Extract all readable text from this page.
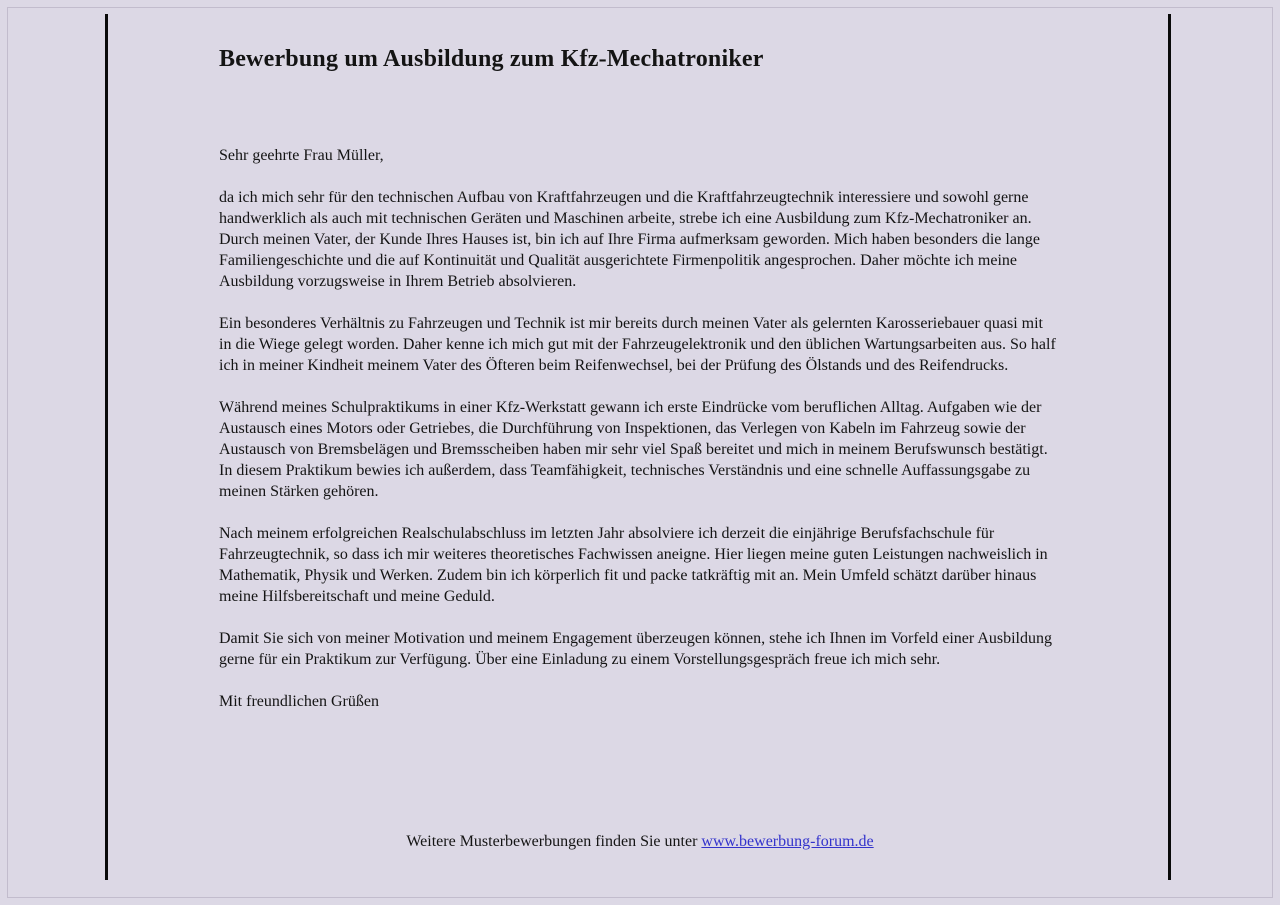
Bewerbung um Ausbildung zum Kfz-Mechatroniker

Sehr geehrte Frau Müller,

da ich mich sehr für den technischen Aufbau von Kraftfahrzeugen und die Kraftfahrzeugtechnik interessiere und sowohl gerne handwerklich als auch mit technischen Geräten und Maschinen arbeite, strebe ich eine Ausbildung zum Kfz-Mechatroniker an. Durch meinen Vater, der Kunde Ihres Hauses ist, bin ich auf Ihre Firma aufmerksam geworden. Mich haben besonders die lange Familiengeschichte und die auf Kontinuität und Qualität ausgerichtete Firmenpolitik angesprochen. Daher möchte ich meine Ausbildung vorzugsweise in Ihrem Betrieb absolvieren.

Ein besonderes Verhältnis zu Fahrzeugen und Technik ist mir bereits durch meinen Vater als gelernten Karosseriebauer quasi mit in die Wiege gelegt worden. Daher kenne ich mich gut mit der Fahrzeugelektronik und den üblichen Wartungsarbeiten aus. So half ich in meiner Kindheit meinem Vater des Öfteren beim Reifenwechsel, bei der Prüfung des Ölstands und des Reifendrucks.

Während meines Schulpraktikums in einer Kfz-Werkstatt gewann ich erste Eindrücke vom beruflichen Alltag. Aufgaben wie der Austausch eines Motors oder Getriebes, die Durchführung von Inspektionen, das Verlegen von Kabeln im Fahrzeug sowie der Austausch von Bremsbelägen und Bremsscheiben haben mir sehr viel Spaß bereitet und mich in meinem Berufswunsch bestätigt. In diesem Praktikum bewies ich außerdem, dass Teamfähigkeit, technisches Verständnis und eine schnelle Auffassungsgabe zu meinen Stärken gehören.

Nach meinem erfolgreichen Realschulabschluss im letzten Jahr absolviere ich derzeit die einjährige Berufsfachschule für Fahrzeugtechnik, so dass ich mir weiteres theoretisches Fachwissen aneigne. Hier liegen meine guten Leistungen nachweislich in Mathematik, Physik und Werken. Zudem bin ich körperlich fit und packe tatkräftig mit an. Mein Umfeld schätzt darüber hinaus meine Hilfsbereitschaft und meine Geduld.

Damit Sie sich von meiner Motivation und meinem Engagement überzeugen können, stehe ich Ihnen im Vorfeld einer Ausbildung gerne für ein Praktikum zur Verfügung. Über eine Einladung zu einem Vorstellungsgespräch freue ich mich sehr.

Mit freundlichen Grüßen

Weitere Musterbewerbungen finden Sie unter www.bewerbung-forum.de
